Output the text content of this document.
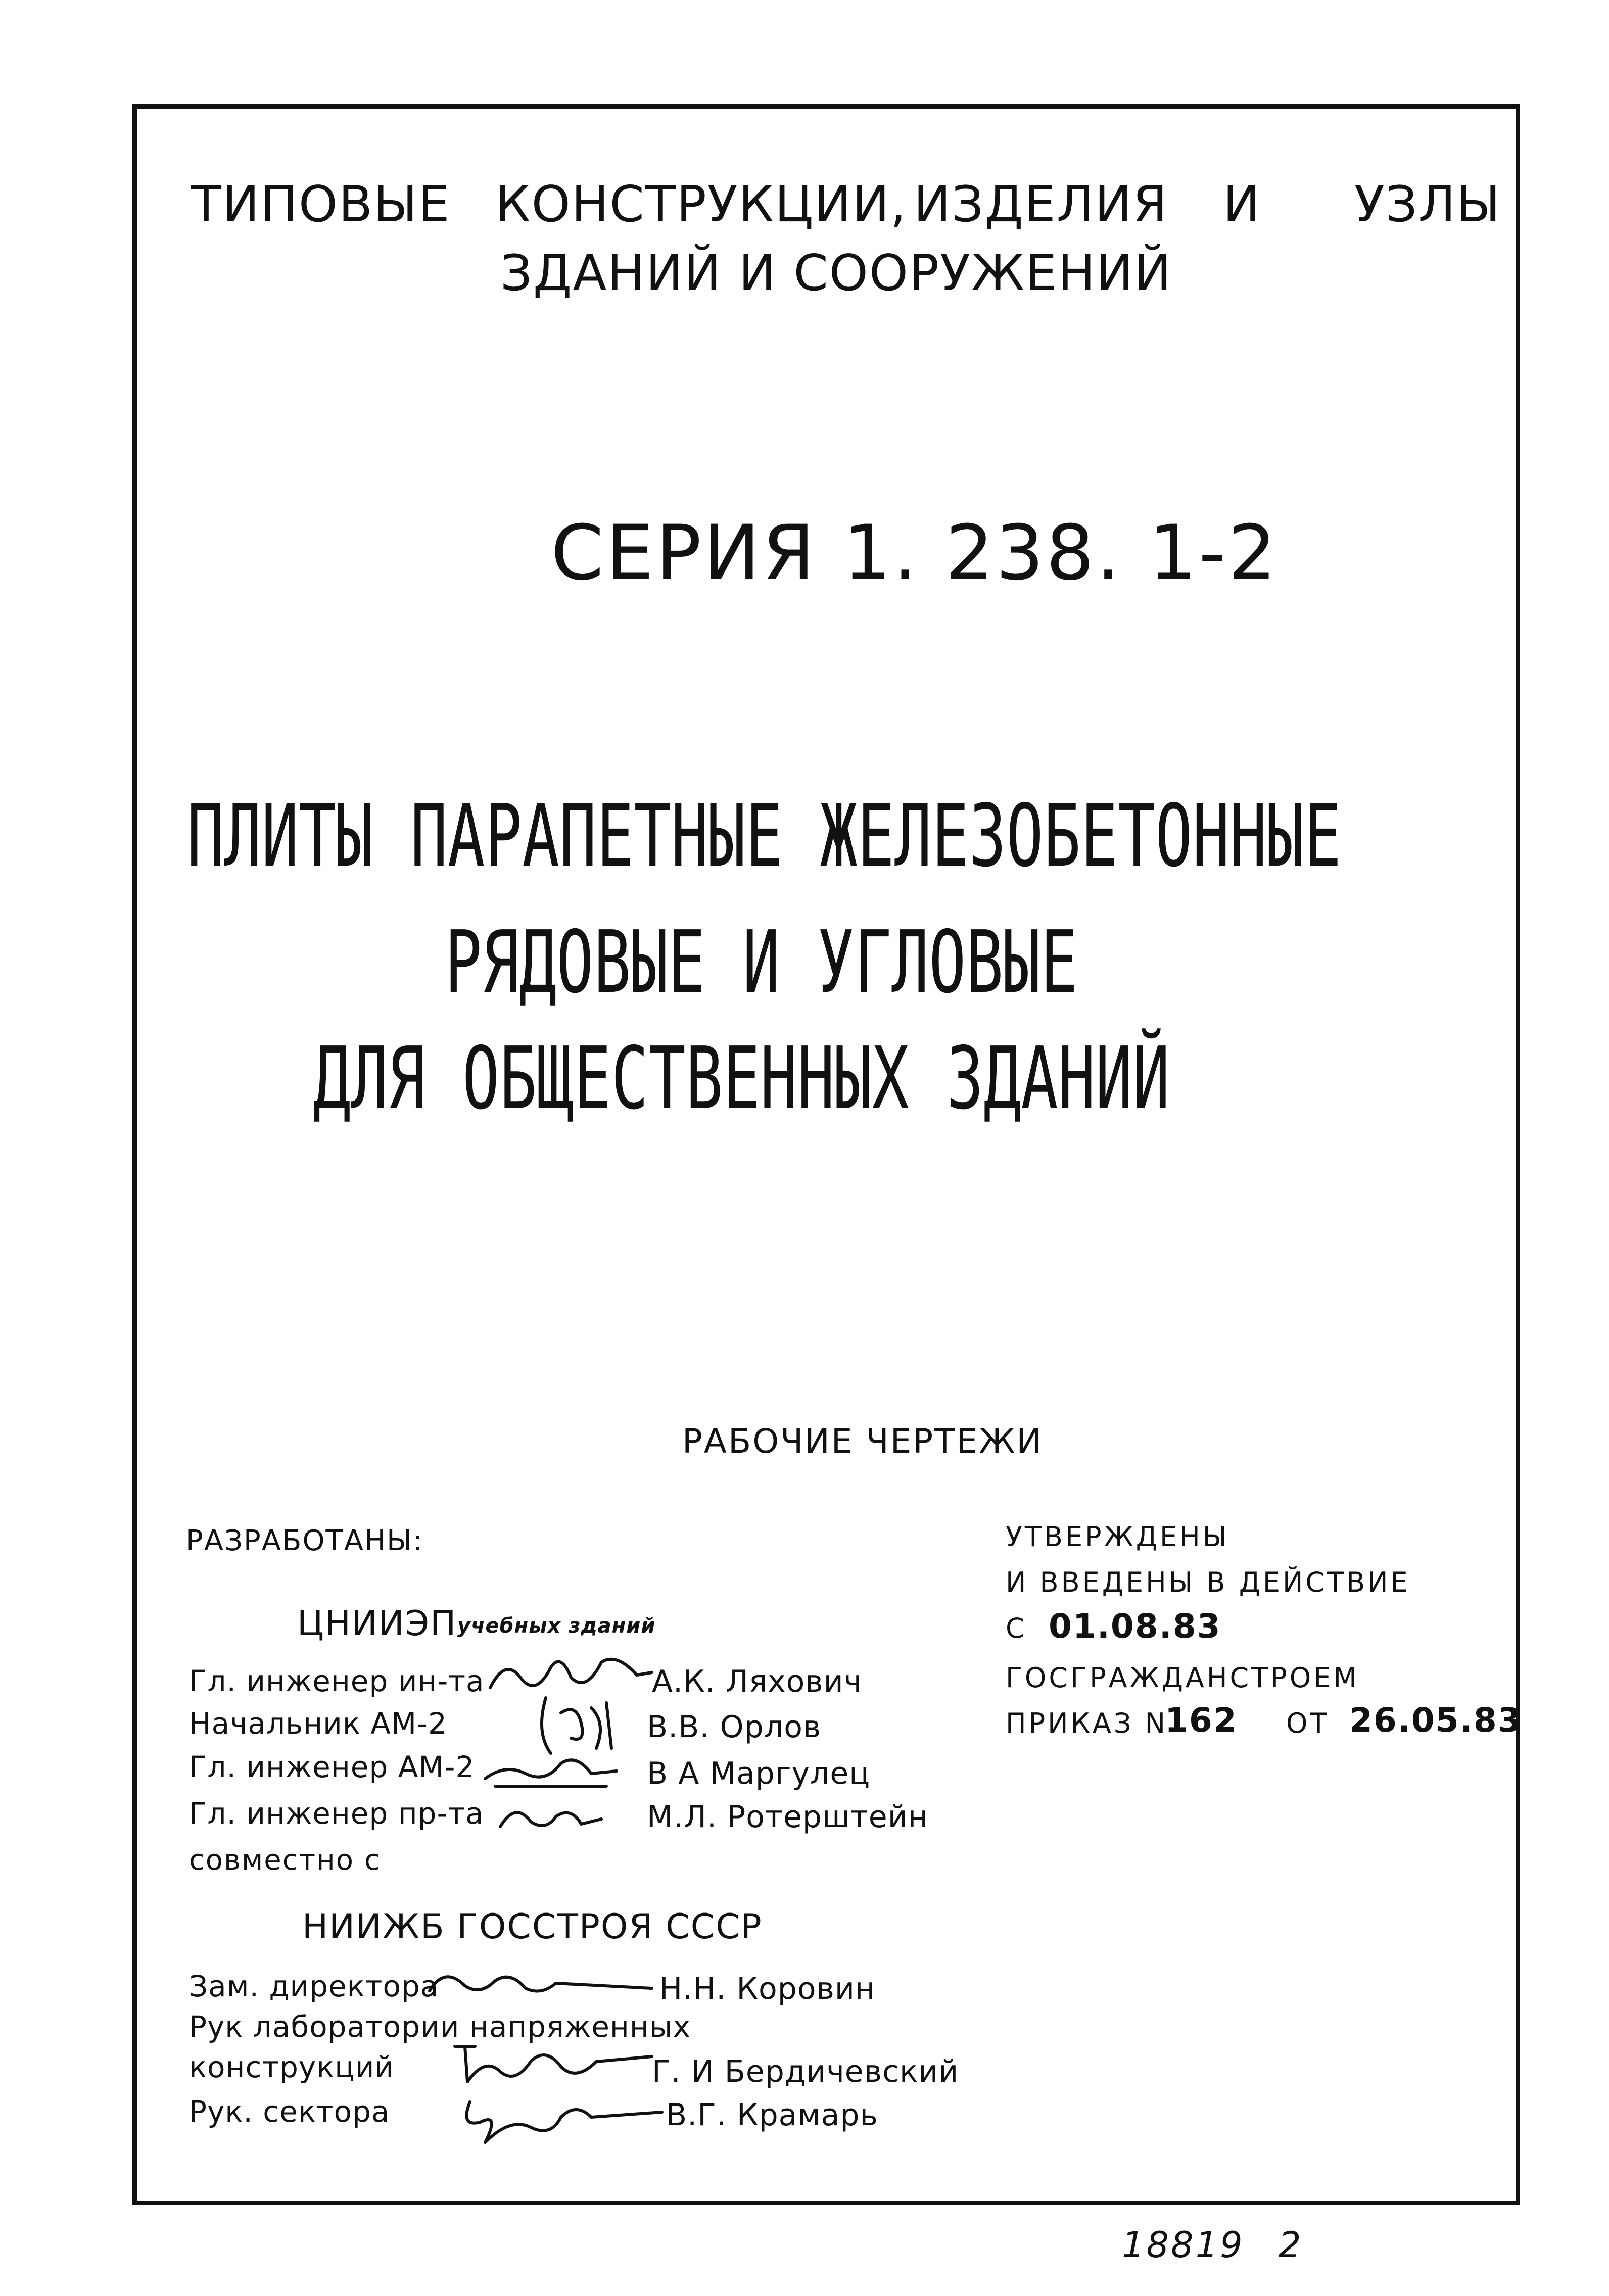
ТИПОВЫЕ КОНСТРУКЦИИ, ИЗДЕЛИЯ И УЗЛЫ
ЗДАНИЙ И СООРУЖЕНИЙ
СЕРИЯ 1. 238. 1-2
ПЛИТЫ ПАРАПЕТНЫЕ ЖЕЛЕЗОБЕТОННЫЕ
РЯДОВЫЕ И УГЛОВЫЕ
ДЛЯ ОБЩЕСТВЕННЫХ ЗДАНИЙ
РАБОЧИЕ ЧЕРТЕЖИ
РАЗРАБОТАНЫ:
ЦНИИЭП учебных зданий
Гл. инженер ин-та	А.К. Ляхович
Начальник АМ-2	В.В. Орлов
Гл. инженер АМ-2	В А Маргулец
Гл. инженер пр-та	М.Л. Ротерштейн
совместно с
НИИЖБ ГОССТРОЯ СССР
Зам. директора	Н.Н. Коровин
Рук лаборатории напряженных
конструкций	Г. И Бердичевский
Рук. сектора	В.Г. Крамарь
УТВЕРЖДЕНЫ
И ВВЕДЕНЫ В ДЕЙСТВИЕ
С 01.08.83
ГОСГРАЖДАНСТРОЕМ
ПРИКАЗ N
162 ОТ 26.05.83
18819 2
